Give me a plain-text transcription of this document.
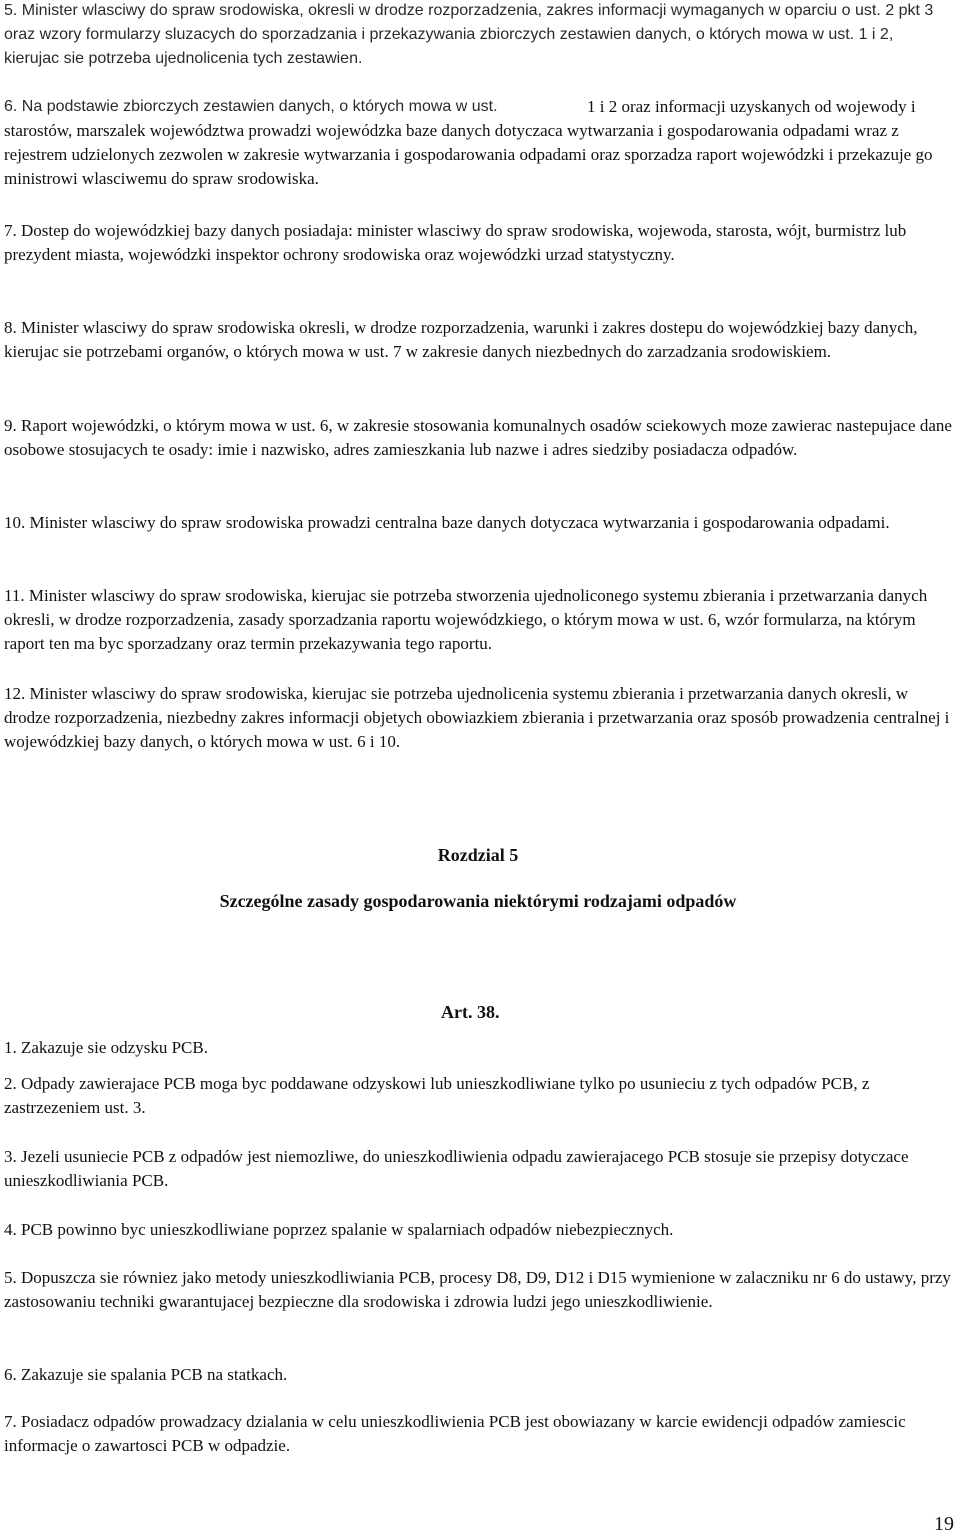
5. Minister wlasciwy do spraw srodowiska, okresli w drodze rozporzadzenia, zakres informacji wymaganych w oparciu o ust. 2 pkt 3 oraz wzory formularzy sluzacych do sporzadzania i przekazywania zbiorczych zestawien danych, o których mowa w ust. 1 i 2, kierujac sie potrzeba ujednolicenia tych zestawien.

6. Na podstawie zbiorczych zestawien danych, o których mowa w ust.	1 i 2 oraz informacji uzyskanych od wojewody i starostów, marszalek województwa prowadzi wojewódzka baze danych dotyczaca wytwarzania i gospodarowania odpadami wraz z rejestrem udzielonych zezwolen w zakresie wytwarzania i gospodarowania odpadami oraz sporzadza raport wojewódzki i przekazuje go ministrowi wlasciwemu do spraw srodowiska.

7. Dostep do wojewódzkiej bazy danych posiadaja: minister wlasciwy do spraw srodowiska, wojewoda, starosta, wójt, burmistrz lub prezydent miasta, wojewódzki inspektor ochrony srodowiska oraz wojewódzki urzad statystyczny.

8. Minister wlasciwy do spraw srodowiska okresli, w drodze rozporzadzenia, warunki i zakres dostepu do wojewódzkiej bazy danych, kierujac sie potrzebami organów, o których mowa w ust. 7 w zakresie danych niezbednych do zarzadzania srodowiskiem.

9. Raport wojewódzki, o którym mowa w ust. 6, w zakresie stosowania komunalnych osadów sciekowych moze zawierac nastepujace dane osobowe stosujacych te osady: imie i nazwisko, adres zamieszkania lub nazwe i adres siedziby posiadacza odpadów.

10. Minister wlasciwy do spraw srodowiska prowadzi centralna baze danych dotyczaca wytwarzania i gospodarowania odpadami.

11. Minister wlasciwy do spraw srodowiska, kierujac sie potrzeba stworzenia ujednoliconego systemu zbierania i przetwarzania danych okresli, w drodze rozporzadzenia, zasady sporzadzania raportu wojewódzkiego, o którym mowa w ust. 6, wzór formularza, na którym raport ten ma byc sporzadzany oraz termin przekazywania tego raportu.

12. Minister wlasciwy do spraw srodowiska, kierujac sie potrzeba ujednolicenia systemu zbierania i przetwarzania danych okresli, w drodze rozporzadzenia, niezbedny zakres informacji objetych obowiazkiem zbierania i przetwarzania oraz sposób prowadzenia centralnej i wojewódzkiej bazy danych, o których mowa w ust. 6 i 10.

Rozdzial 5
Szczególne zasady gospodarowania niektórymi rodzajami odpadów
Art. 38.

1. Zakazuje sie odzysku PCB.

2. Odpady zawierajace PCB moga byc poddawane odzyskowi lub unieszkodliwiane tylko po usunieciu z tych odpadów PCB, z zastrzezeniem ust. 3.

3. Jezeli usuniecie PCB z odpadów jest niemozliwe, do unieszkodliwienia odpadu zawierajacego PCB stosuje sie przepisy dotyczace unieszkodliwiania PCB.

4. PCB powinno byc unieszkodliwiane poprzez spalanie w spalarniach odpadów niebezpiecznych.

5. Dopuszcza sie równiez jako metody unieszkodliwiania PCB, procesy D8, D9, D12 i D15 wymienione w zalaczniku nr 6 do ustawy, przy zastosowaniu techniki gwarantujacej bezpieczne dla srodowiska i zdrowia ludzi jego unieszkodliwienie.

6. Zakazuje sie spalania PCB na statkach.

7. Posiadacz odpadów prowadzacy dzialania w celu unieszkodliwienia PCB jest obowiazany w karcie ewidencji odpadów zamiescic informacje o zawartosci PCB w odpadzie.

19
